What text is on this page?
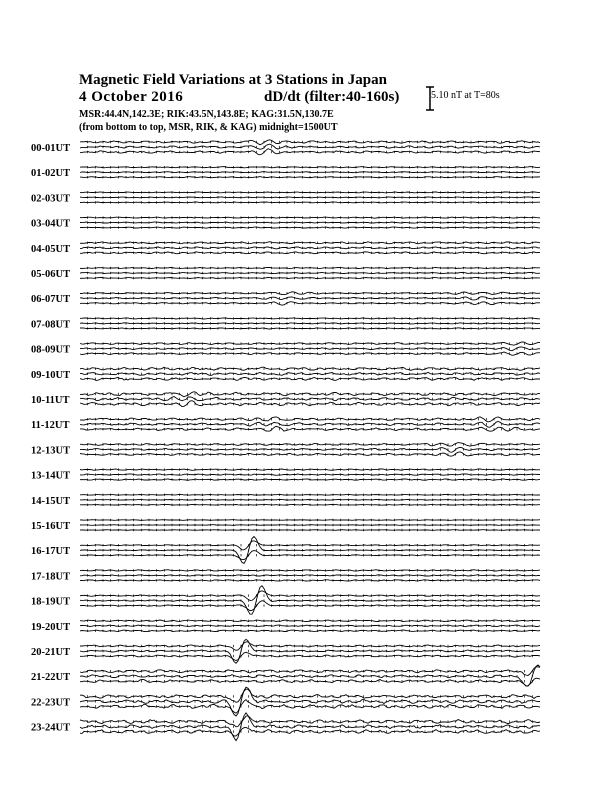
Magnetic Field Variations at 3 Stations in Japan
4 October 2016	dD/dt (filter:40-160s)
MSR:44.4N,142.3E; RIK:43.5N,143.8E; KAG:31.5N,130.7E
(from bottom to top, MSR, RIK, & KAG) midnight=1500UT
5.10 nT at T=80s
00-01UT
01-02UT
02-03UT
03-04UT
04-05UT
05-06UT
06-07UT
07-08UT
08-09UT
09-10UT
10-11UT
11-12UT
12-13UT
13-14UT
14-15UT
15-16UT
16-17UT
17-18UT
18-19UT
19-20UT
20-21UT
21-22UT
22-23UT
23-24UT
